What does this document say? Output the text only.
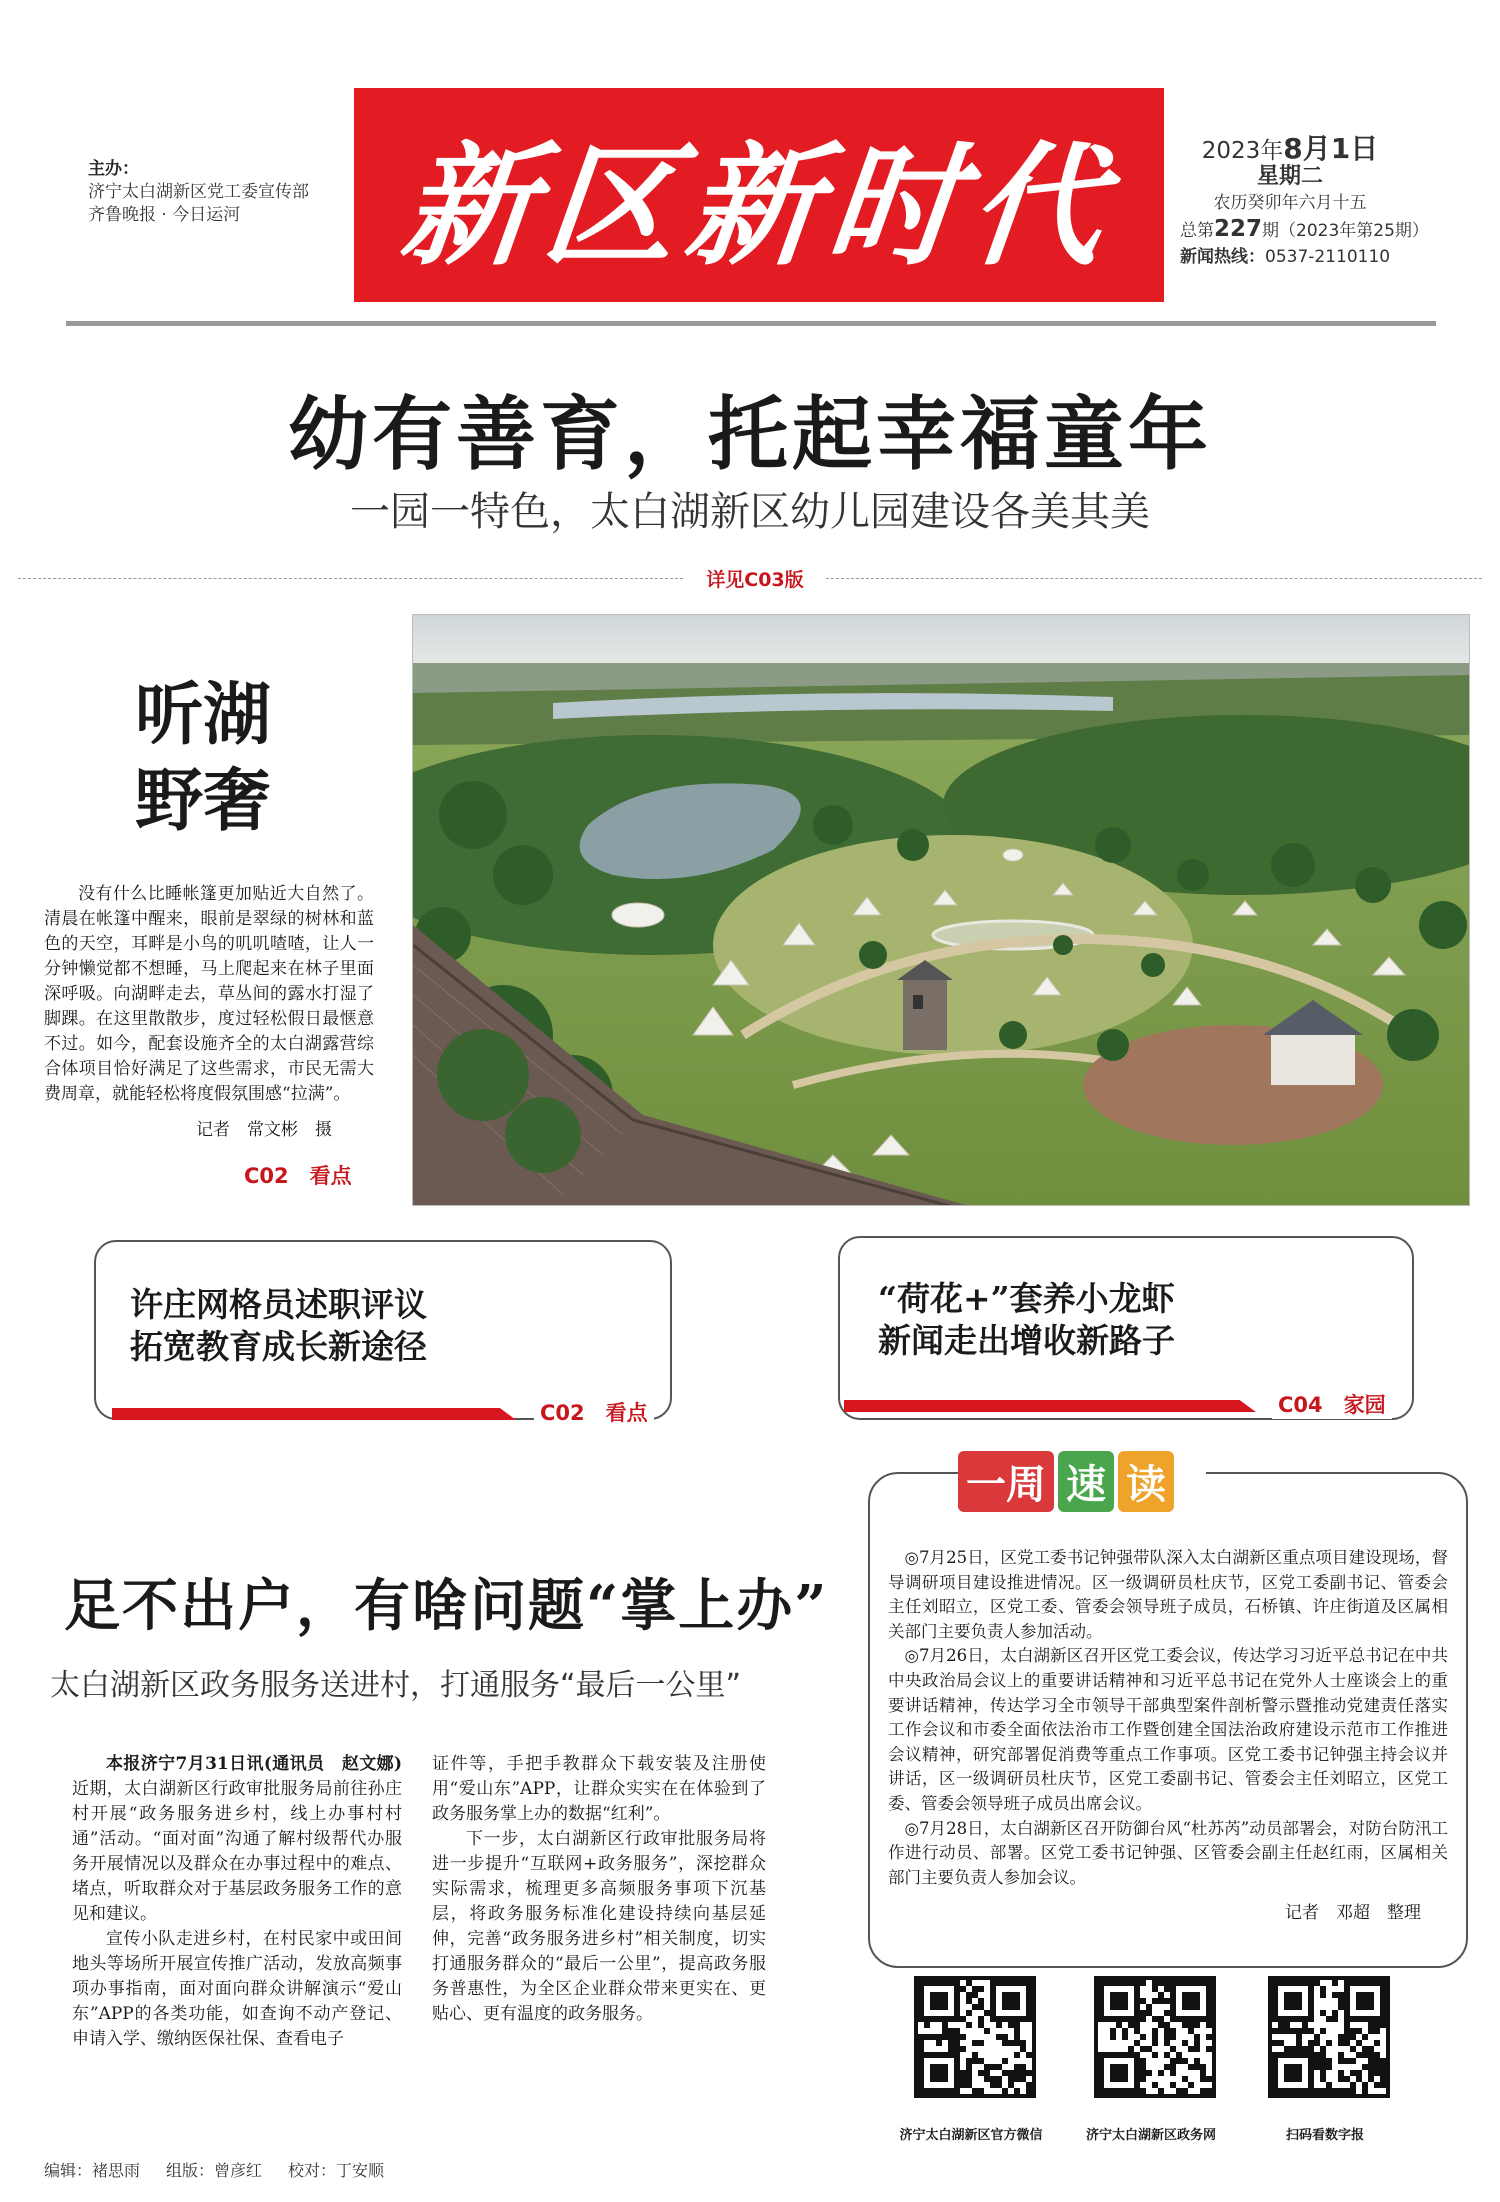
主办：
济宁太白湖新区党工委宣传部
齐鲁晚报 · 今日运河	新区新时代	2023年8月1日
星期二
农历癸卯年六月十五
总第227期（2023年第25期）
新闻热线：0537-2110110
幼有善育，托起幸福童年
一园一特色，太白湖新区幼儿园建设各美其美
详见C03版
听湖
野奢
没有什么比睡帐篷更加贴近大自然了。清晨在帐篷中醒来，眼前是翠绿的树林和蓝色的天空，耳畔是小鸟的叽叽喳喳，让人一分钟懒觉都不想睡，马上爬起来在林子里面深呼吸。向湖畔走去，草丛间的露水打湿了脚踝。在这里散散步，度过轻松假日最惬意不过。如今，配套设施齐全的太白湖露营综合体项目恰好满足了这些需求，市民无需大费周章，就能轻松将度假氛围感“拉满”。
记者　常文彬　摄
C02　看点
许庄网格员述职评议
拓宽教育成长新途径
C02　看点
“荷花+”套养小龙虾
新闻走出增收新路子
C04　家园
足不出户，有啥问题“掌上办”
太白湖新区政务服务送进村，打通服务“最后一公里”

本报济宁7月31日讯(通讯员　赵文娜)近期，太白湖新区行政审批服务局前往孙庄村开展“政务服务进乡村，线上办事村村通”活动。“面对面”沟通了解村级帮代办服务开展情况以及群众在办事过程中的难点、堵点，听取群众对于基层政务服务工作的意见和建议。

宣传小队走进乡村，在村民家中或田间地头等场所开展宣传推广活动，发放高频事项办事指南，面对面向群众讲解演示“爱山东”APP的各类功能，如查询不动产登记、申请入学、缴纳医保社保、查看电子

证件等，手把手教群众下载安装及注册使用“爱山东”APP，让群众实实在在体验到了政务服务掌上办的数据“红利”。

下一步，太白湖新区行政审批服务局将进一步提升“互联网+政务服务”，深挖群众实际需求，梳理更多高频服务事项下沉基层，将政务服务标准化建设持续向基层延伸，完善“政务服务进乡村”相关制度，切实打通服务群众的“最后一公里”，提高政务服务普惠性，为全区企业群众带来更实在、更贴心、更有温度的政务服务。

一周 速 读

◎7月25日，区党工委书记钟强带队深入太白湖新区重点项目建设现场，督导调研项目建设推进情况。区一级调研员杜庆节，区党工委副书记、管委会主任刘昭立，区党工委、管委会领导班子成员，石桥镇、许庄街道及区属相关部门主要负责人参加活动。

◎7月26日，太白湖新区召开区党工委会议，传达学习习近平总书记在中共中央政治局会议上的重要讲话精神和习近平总书记在党外人士座谈会上的重要讲话精神，传达学习全市领导干部典型案件剖析警示暨推动党建责任落实工作会议和市委全面依法治市工作暨创建全国法治政府建设示范市工作推进会议精神，研究部署促消费等重点工作事项。区党工委书记钟强主持会议并讲话，区一级调研员杜庆节，区党工委副书记、管委会主任刘昭立，区党工委、管委会领导班子成员出席会议。

◎7月28日，太白湖新区召开防御台风“杜苏芮”动员部署会，对防台防汛工作进行动员、部署。区党工委书记钟强、区管委会副主任赵红雨，区属相关部门主要负责人参加会议。

记者　邓超　整理
济宁太白湖新区官方微信	济宁太白湖新区政务网	扫码看数字报
编辑：褚思雨 组版：曾彦红 校对：丁安顺
